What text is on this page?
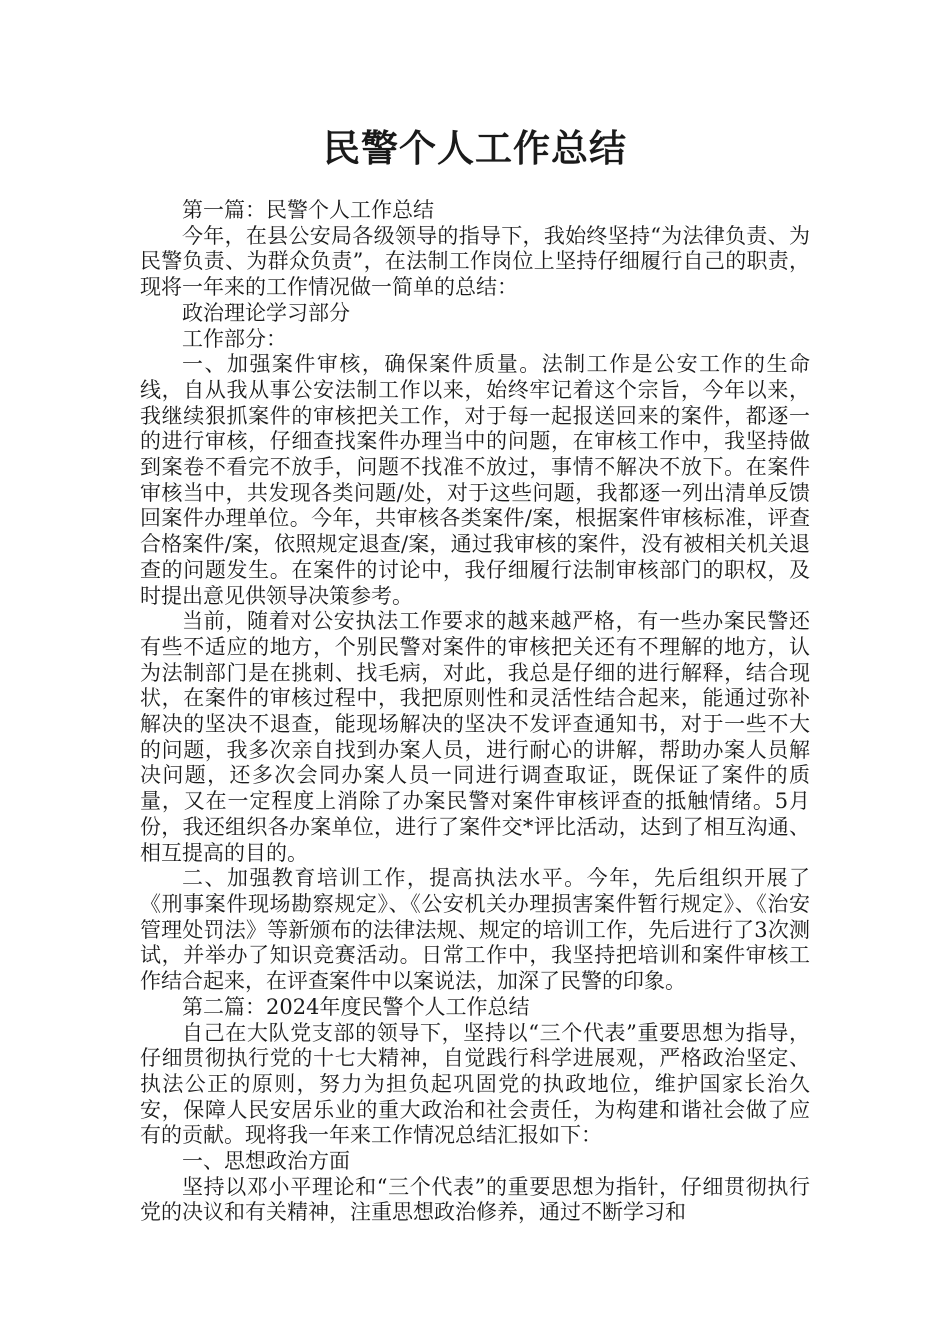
民警个人工作总结

第一篇：民警个人工作总结

今年，在县公安局各级领导的指导下，我始终坚持“为法律负责、为民警负责、为群众负责”，在法制工作岗位上坚持仔细履行自己的职责，现将一年来的工作情况做一简单的总结：

政治理论学习部分

工作部分：

一、加强案件审核，确保案件质量。法制工作是公安工作的生命线，自从我从事公安法制工作以来，始终牢记着这个宗旨，今年以来，我继续狠抓案件的审核把关工作，对于每一起报送回来的案件，都逐一的进行审核，仔细查找案件办理当中的问题，在审核工作中，我坚持做到案卷不看完不放手，问题不找准不放过，事情不解决不放下。在案件审核当中，共发现各类问题/处，对于这些问题，我都逐一列出清单反馈回案件办理单位。今年，共审核各类案件/案，根据案件审核标准，评查合格案件/案，依照规定退查/案，通过我审核的案件，没有被相关机关退查的问题发生。在案件的讨论中，我仔细履行法制审核部门的职权，及时提出意见供领导决策参考。

当前，随着对公安执法工作要求的越来越严格，有一些办案民警还有些不适应的地方，个别民警对案件的审核把关还有不理解的地方，认为法制部门是在挑刺、找毛病，对此，我总是仔细的进行解释，结合现状，在案件的审核过程中，我把原则性和灵活性结合起来，能通过弥补解决的坚决不退查，能现场解决的坚决不发评查通知书，对于一些不大的问题，我多次亲自找到办案人员，进行耐心的讲解，帮助办案人员解决问题，还多次会同办案人员一同进行调查取证，既保证了案件的质量，又在一定程度上消除了办案民警对案件审核评查的抵触情绪。5月份，我还组织各办案单位，进行了案件交*评比活动，达到了相互沟通、相互提高的目的。

二、加强教育培训工作，提高执法水平。今年，先后组织开展了《刑事案件现场勘察规定》、《公安机关办理损害案件暂行规定》、《治安管理处罚法》等新颁布的法律法规、规定的培训工作，先后进行了3次测试，并举办了知识竞赛活动。日常工作中，我坚持把培训和案件审核工作结合起来，在评查案件中以案说法，加深了民警的印象。

第二篇：2024年度民警个人工作总结

自己在大队党支部的领导下，坚持以“三个代表”重要思想为指导，仔细贯彻执行党的十七大精神，自觉践行科学进展观，严格政治坚定、执法公正的原则，努力为担负起巩固党的执政地位，维护国家长治久安，保障人民安居乐业的重大政治和社会责任，为构建和谐社会做了应有的贡献。现将我一年来工作情况总结汇报如下：

一、思想政治方面

坚持以邓小平理论和“三个代表”的重要思想为指针，仔细贯彻执行党的决议和有关精神，注重思想政治修养，通过不断学习和
